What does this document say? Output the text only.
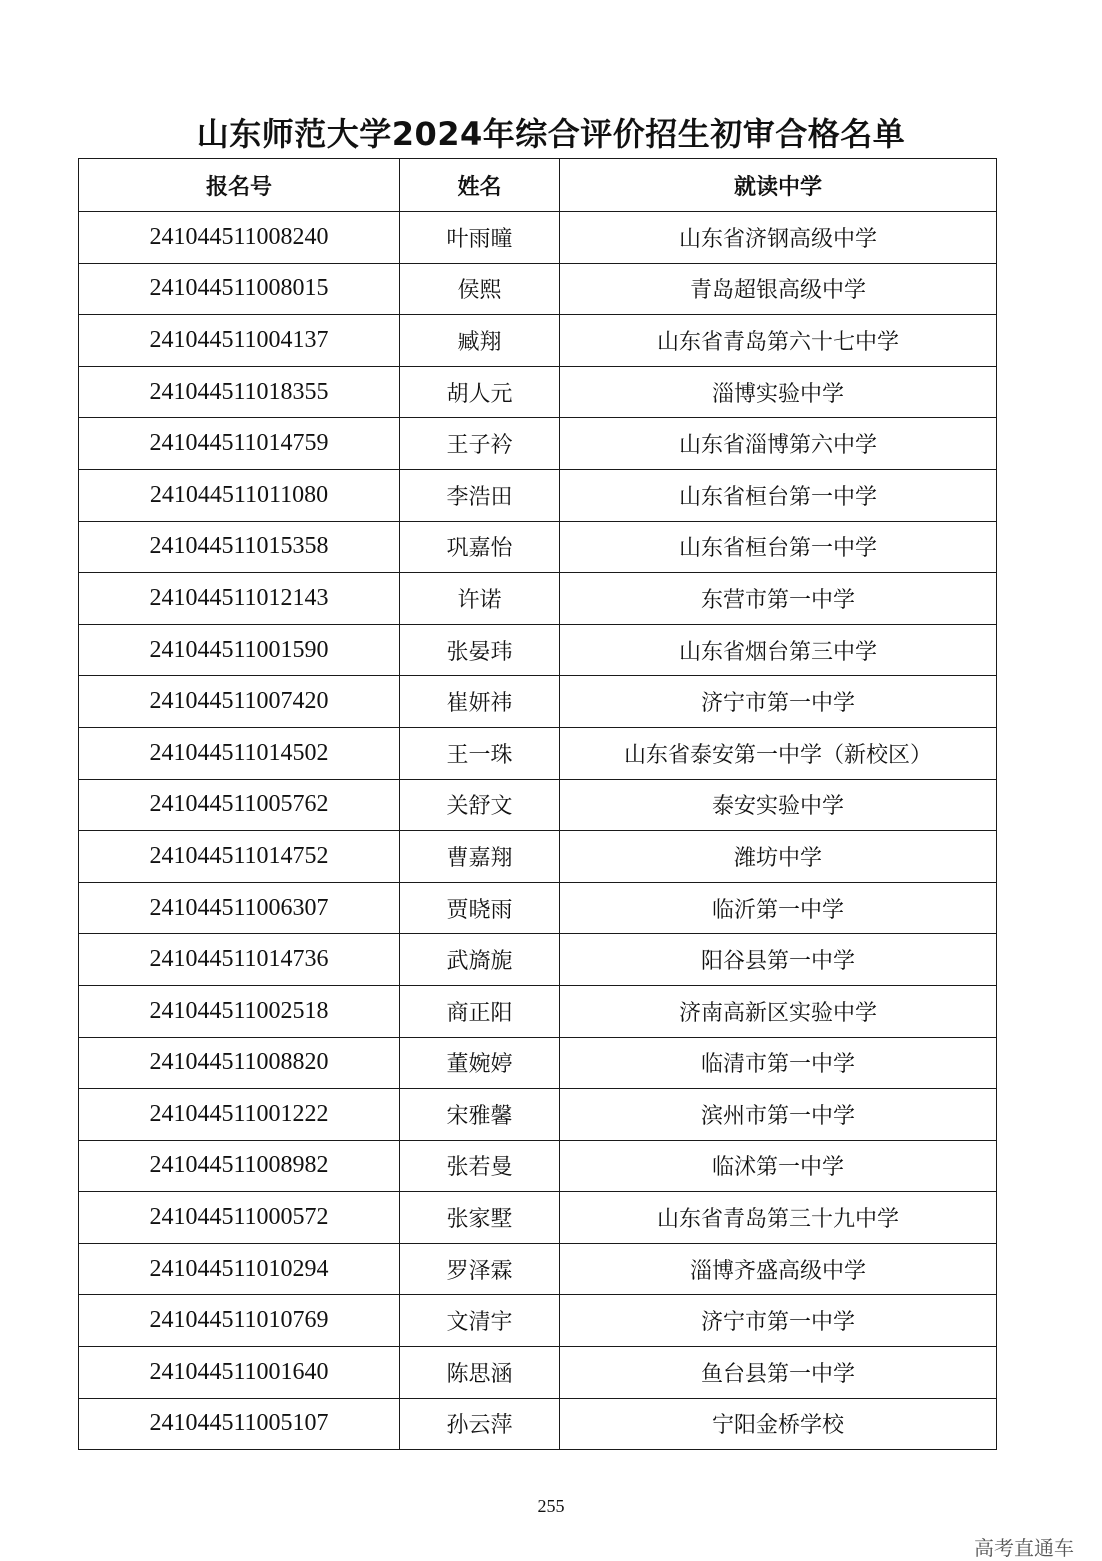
山东师范大学2024年综合评价招生初审合格名单
报名号	姓名	就读中学
241044511008240	叶雨曈	山东省济钢高级中学
241044511008015	侯熙	青岛超银高级中学
241044511004137	臧翔	山东省青岛第六十七中学
241044511018355	胡人元	淄博实验中学
241044511014759	王子衿	山东省淄博第六中学
241044511011080	李浩田	山东省桓台第一中学
241044511015358	巩嘉怡	山东省桓台第一中学
241044511012143	许诺	东营市第一中学
241044511001590	张晏玮	山东省烟台第三中学
241044511007420	崔妍祎	济宁市第一中学
241044511014502	王一珠	山东省泰安第一中学（新校区）
241044511005762	关舒文	泰安实验中学
241044511014752	曹嘉翔	潍坊中学
241044511006307	贾晓雨	临沂第一中学
241044511014736	武旖旎	阳谷县第一中学
241044511002518	商正阳	济南高新区实验中学
241044511008820	董婉婷	临清市第一中学
241044511001222	宋雅馨	滨州市第一中学
241044511008982	张若曼	临沭第一中学
241044511000572	张家墅	山东省青岛第三十九中学
241044511010294	罗泽霖	淄博齐盛高级中学
241044511010769	文清宇	济宁市第一中学
241044511001640	陈思涵	鱼台县第一中学
241044511005107	孙云萍	宁阳金桥学校
255
高考直通车
